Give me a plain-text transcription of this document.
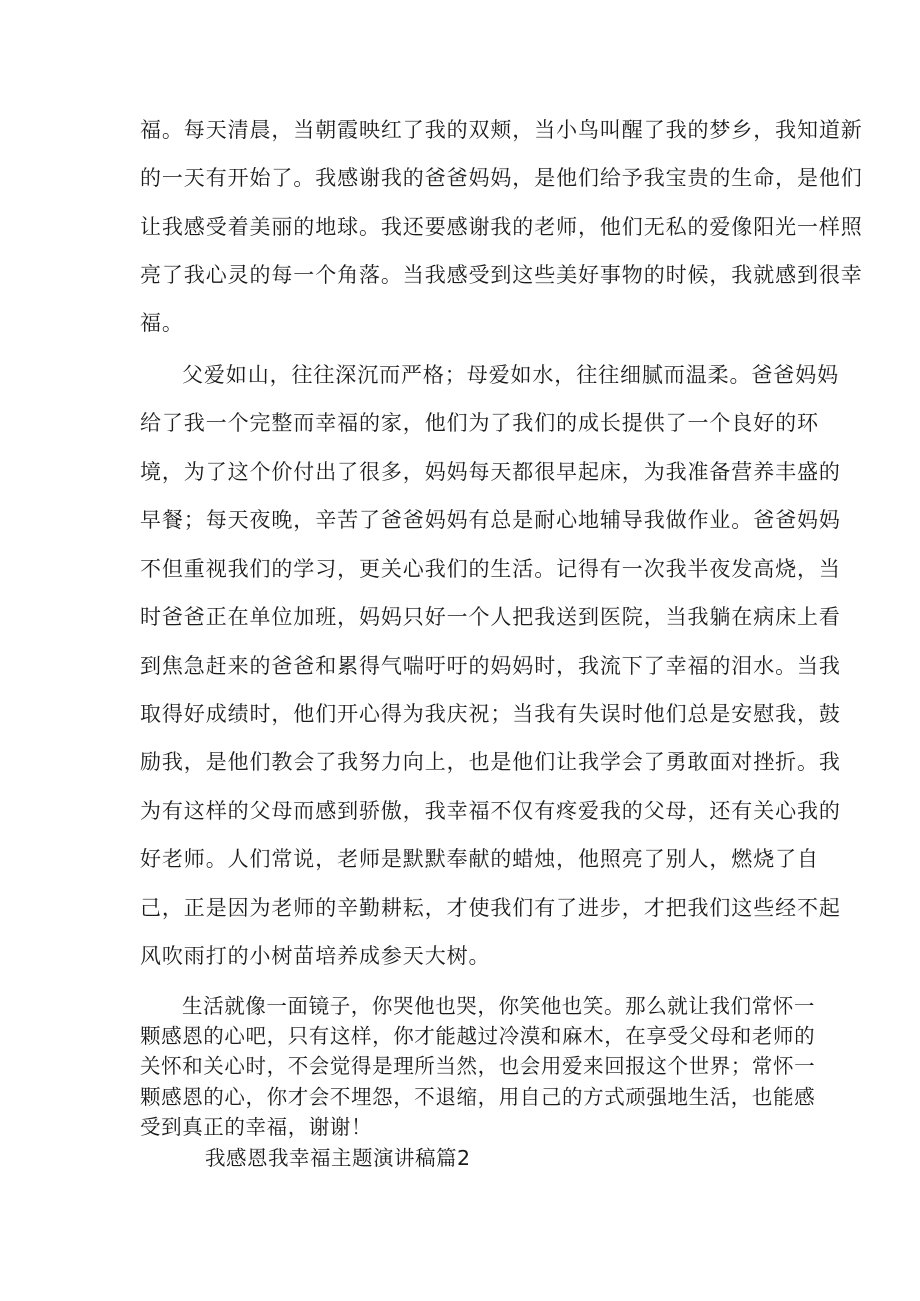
福。每天清晨，当朝霞映红了我的双颊，当小鸟叫醒了我的梦乡，我知道新
的一天有开始了。我感谢我的爸爸妈妈，是他们给予我宝贵的生命，是他们
让我感受着美丽的地球。我还要感谢我的老师，他们无私的爱像阳光一样照
亮了我心灵的每一个角落。当我感受到这些美好事物的时候，我就感到很幸
福。
父爱如山，往往深沉而严格；母爱如水，往往细腻而温柔。爸爸妈妈
给了我一个完整而幸福的家，他们为了我们的成长提供了一个良好的环
境，为了这个价付出了很多，妈妈每天都很早起床，为我准备营养丰盛的
早餐；每天夜晚，辛苦了爸爸妈妈有总是耐心地辅导我做作业。爸爸妈妈
不但重视我们的学习，更关心我们的生活。记得有一次我半夜发高烧，当
时爸爸正在单位加班，妈妈只好一个人把我送到医院，当我躺在病床上看
到焦急赶来的爸爸和累得气喘吁吁的妈妈时，我流下了幸福的泪水。当我
取得好成绩时，他们开心得为我庆祝；当我有失误时他们总是安慰我，鼓
励我，是他们教会了我努力向上，也是他们让我学会了勇敢面对挫折。我
为有这样的父母而感到骄傲，我幸福不仅有疼爱我的父母，还有关心我的
好老师。人们常说，老师是默默奉献的蜡烛，他照亮了别人，燃烧了自
己，正是因为老师的辛勤耕耘，才使我们有了进步，才把我们这些经不起
风吹雨打的小树苗培养成参天大树。
生活就像一面镜子，你哭他也哭，你笑他也笑。那么就让我们常怀一
颗感恩的心吧，只有这样，你才能越过冷漠和麻木，在享受父母和老师的
关怀和关心时，不会觉得是理所当然，也会用爱来回报这个世界；常怀一
颗感恩的心，你才会不埋怨，不退缩，用自己的方式顽强地生活，也能感
受到真正的幸福，谢谢！
我感恩我幸福主题演讲稿篇2
